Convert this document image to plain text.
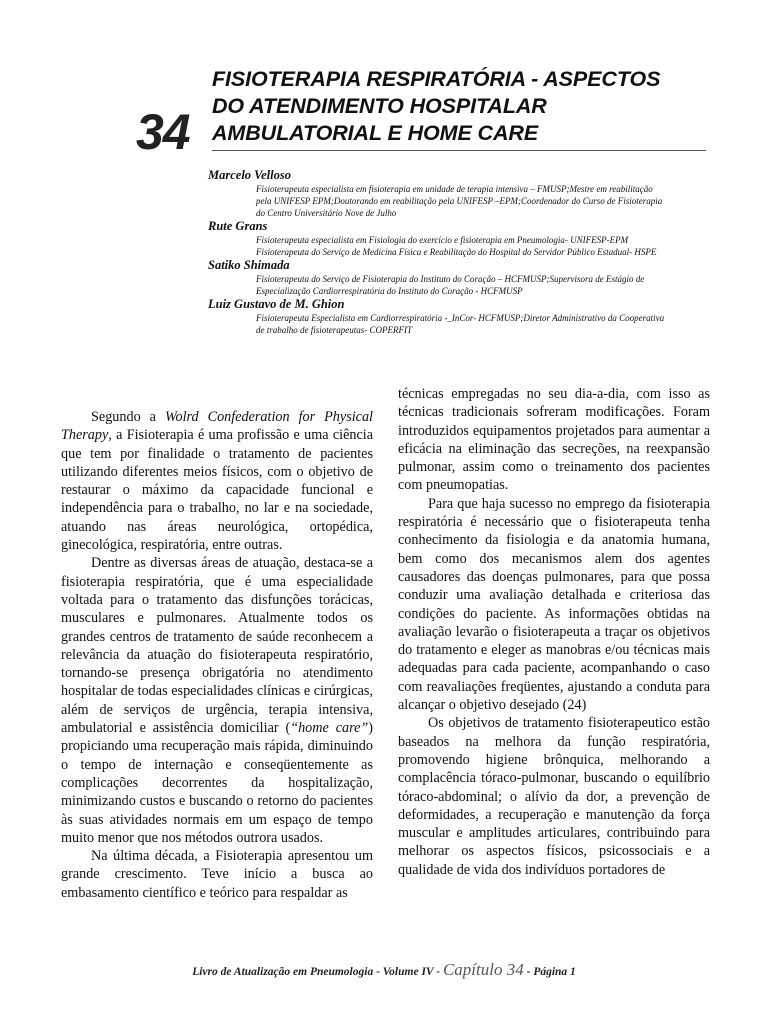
34
FISIOTERAPIA RESPIRATÓRIA - ASPECTOS
DO ATENDIMENTO HOSPITALAR
AMBULATORIAL E HOME CARE
Marcelo Velloso
Fisioterapeuta especialista em fisioterapia em unidade de terapia intensiva – FMUSP;Mestre em reabilitação
pela UNIFESP EPM;Doutorando em reabilitação pela UNIFESP –EPM;Coordenador do Curso de Fisioterapia
do Centro Universitário Nove de Julho
Rute Grans
Fisioterapeuta especialista em Fisiologia do exercício e fisioterapia em Pneumologia- UNIFESP-EPM
Fisioterapeuta do Serviço de Medicina Física e Reabilitação do Hospital do Servidor Público Estadual- HSPE
Satiko Shimada
Fisioterapeuta do Serviço de Fisioterapia do Instituto do Coração – HCFMUSP;Supervisora de Estágio de
Especialização Cardiorrespiratória do Instituto do Coração - HCFMUSP
Luiz Gustavo de M. Ghion
Fisioterapeuta Especialista em Cardiorrespiratória -_InCor- HCFMUSP;Diretor Administrativo da Cooperativa
de trabalho de fisioterapeutas- COPERFIT

Segundo a Wolrd Confederation for Physical Therapy, a Fisioterapia é uma profissão e uma ciência que tem por finalidade o tratamento de pacientes utilizando diferentes meios físicos, com o objetivo de restaurar o máximo da capacidade funcional e independência para o trabalho, no lar e na sociedade, atuando nas áreas neurológica, ortopédica, ginecológica, respiratória, entre outras.

Dentre as diversas áreas de atuação, destaca-se a fisioterapia respiratória, que é uma especialidade voltada para o tratamento das disfunções torácicas, musculares e pulmonares. Atualmente todos os grandes centros de tratamento de saúde reconhecem a relevância da atuação do fisioterapeuta respiratório, tornando-se presença obrigatória no atendimento hospitalar de todas especialidades clínicas e cirúrgicas, além de serviços de urgência, terapia intensiva, ambulatorial e assistência domiciliar (“home care”) propiciando uma recuperação mais rápida, diminuindo o tempo de internação e conseqüentemente as complicações decorrentes da hospitalização, minimizando custos e buscando o retorno do pacientes às suas atividades normais em um espaço de tempo muito menor que nos métodos outrora usados.

Na última década, a Fisioterapia apresentou um grande crescimento. Teve início a busca ao embasamento científico e teórico para respaldar as

técnicas empregadas no seu dia-a-dia, com isso as técnicas tradicionais sofreram modificações. Foram introduzidos equipamentos projetados para aumentar a eficácia na eliminação das secreções, na reexpansão pulmonar, assim como o treinamento dos pacientes com pneumopatias.

Para que haja sucesso no emprego da fisioterapia respiratória é necessário que o fisioterapeuta tenha conhecimento da fisiologia e da anatomia humana, bem como dos mecanismos alem dos agentes causadores das doenças pulmonares, para que possa conduzir uma avaliação detalhada e criteriosa das condições do paciente. As informações obtidas na avaliação levarão o fisioterapeuta a traçar os objetivos do tratamento e eleger as manobras e/ou técnicas mais adequadas para cada paciente, acompanhando o caso com reavaliações freqüentes, ajustando a conduta para alcançar o objetivo desejado (24)

Os objetivos de tratamento fisioterapeutico estão baseados na melhora da função respiratória, promovendo higiene brônquica, melhorando a complacência tóraco-pulmonar, buscando o equilíbrio tóraco-abdominal; o alívio da dor, a prevenção de deformidades, a recuperação e manutenção da força muscular e amplitudes articulares, contribuindo para melhorar os aspectos físicos, psicossociais e a qualidade de vida dos indivíduos portadores de

Livro de Atualização em Pneumologia - Volume IV - Capítulo 34 - Página 1
